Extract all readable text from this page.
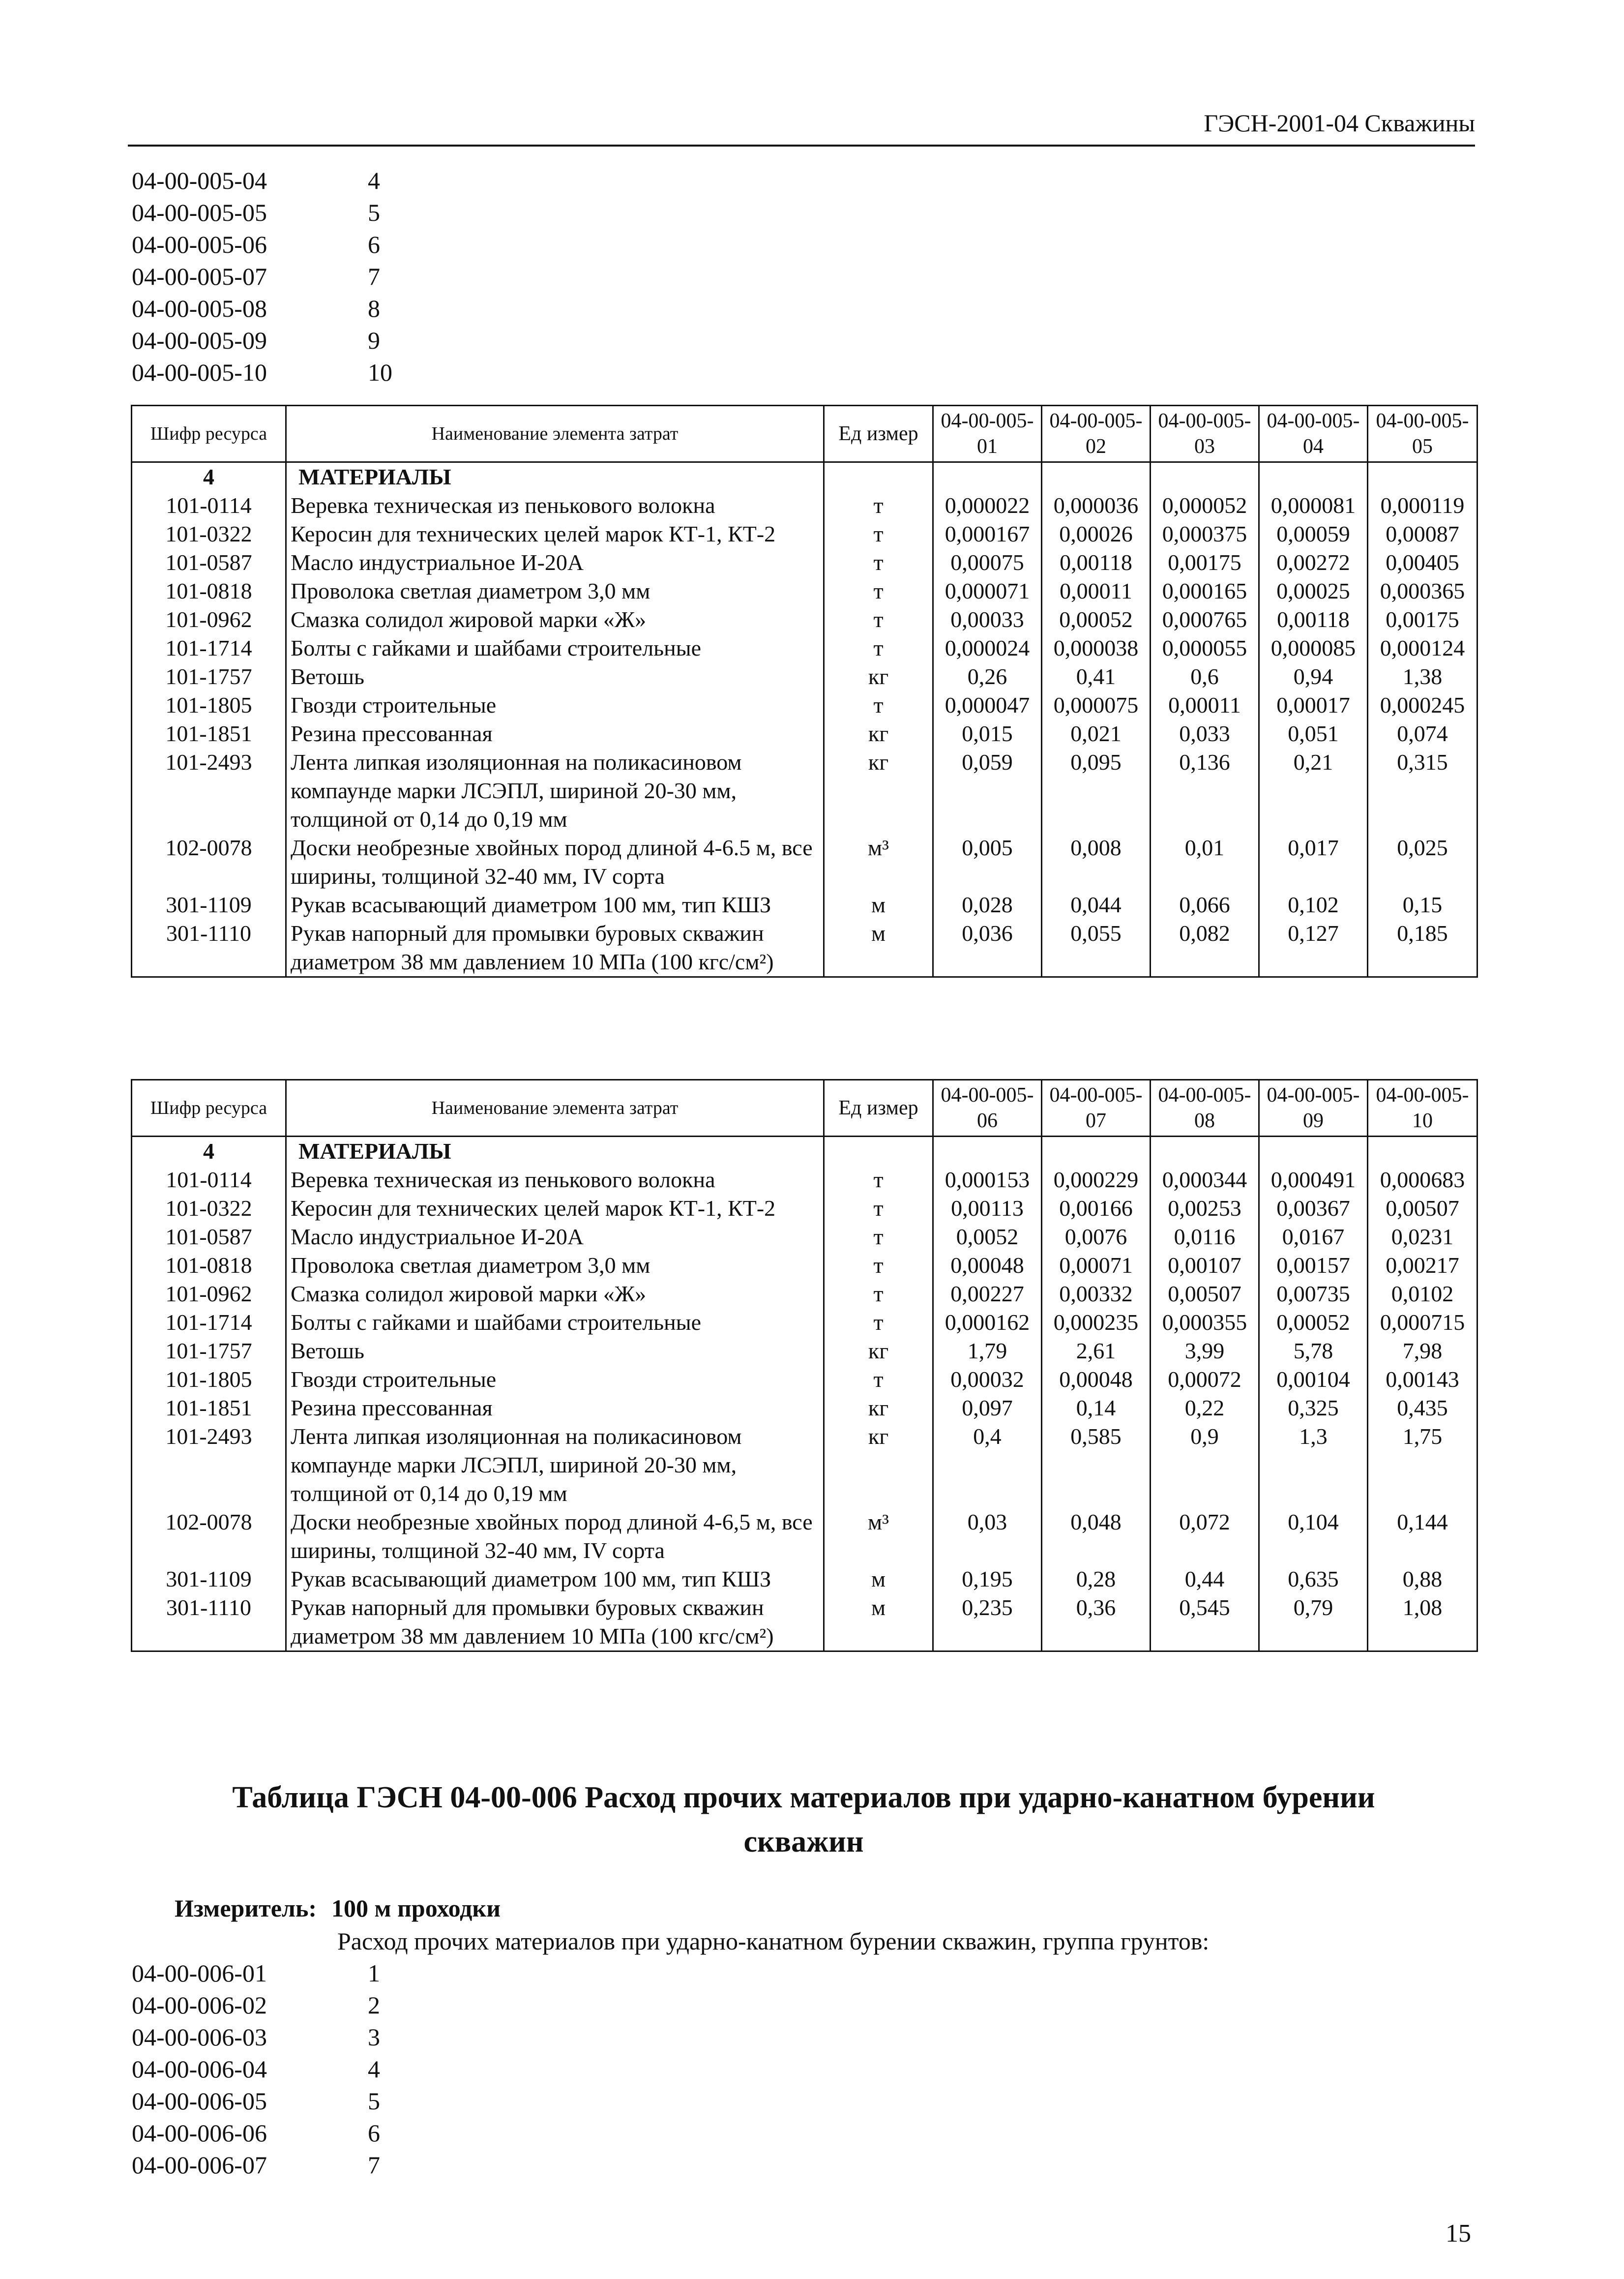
ГЭСН-2001-04 Скважины
04-00-005-04	4
04-00-005-05	5
04-00-005-06	6
04-00-005-07	7
04-00-005-08	8
04-00-005-09	9
04-00-005-10	10
Шифр ресурса	Наименование элемента затрат	Ед измер	04-00-005-01	04-00-005-02	04-00-005-03	04-00-005-04	04-00-005-05
4	МАТЕРИАЛЫ						
101-0114	Веревка техническая из пенькового волокна	т	0,000022	0,000036	0,000052	0,000081	0,000119
101-0322	Керосин для технических целей марок КТ-1, КТ-2	т	0,000167	0,00026	0,000375	0,00059	0,00087
101-0587	Масло индустриальное И-20А	т	0,00075	0,00118	0,00175	0,00272	0,00405
101-0818	Проволока светлая диаметром 3,0 мм	т	0,000071	0,00011	0,000165	0,00025	0,000365
101-0962	Смазка солидол жировой марки «Ж»	т	0,00033	0,00052	0,000765	0,00118	0,00175
101-1714	Болты с гайками и шайбами строительные	т	0,000024	0,000038	0,000055	0,000085	0,000124
101-1757	Ветошь	кг	0,26	0,41	0,6	0,94	1,38
101-1805	Гвозди строительные	т	0,000047	0,000075	0,00011	0,00017	0,000245
101-1851	Резина прессованная	кг	0,015	0,021	0,033	0,051	0,074
101-2493	Лента липкая изоляционная на поликасиновом компаунде марки ЛСЭПЛ, шириной 20-30 мм, толщиной от 0,14 до 0,19 мм	кг	0,059	0,095	0,136	0,21	0,315
102-0078	Доски необрезные хвойных пород длиной 4-6.5 м, все ширины, толщиной 32-40 мм, IV сорта	м³	0,005	0,008	0,01	0,017	0,025
301-1109	Рукав всасывающий диаметром 100 мм, тип КШЗ	м	0,028	0,044	0,066	0,102	0,15
301-1110	Рукав напорный для промывки буровых скважин диаметром 38 мм давлением 10 МПа (100 кгс/см²)	м	0,036	0,055	0,082	0,127	0,185
Шифр ресурса	Наименование элемента затрат	Ед измер	04-00-005-06	04-00-005-07	04-00-005-08	04-00-005-09	04-00-005-10
4	МАТЕРИАЛЫ						
101-0114	Веревка техническая из пенькового волокна	т	0,000153	0,000229	0,000344	0,000491	0,000683
101-0322	Керосин для технических целей марок КТ-1, КТ-2	т	0,00113	0,00166	0,00253	0,00367	0,00507
101-0587	Масло индустриальное И-20А	т	0,0052	0,0076	0,0116	0,0167	0,0231
101-0818	Проволока светлая диаметром 3,0 мм	т	0,00048	0,00071	0,00107	0,00157	0,00217
101-0962	Смазка солидол жировой марки «Ж»	т	0,00227	0,00332	0,00507	0,00735	0,0102
101-1714	Болты с гайками и шайбами строительные	т	0,000162	0,000235	0,000355	0,00052	0,000715
101-1757	Ветошь	кг	1,79	2,61	3,99	5,78	7,98
101-1805	Гвозди строительные	т	0,00032	0,00048	0,00072	0,00104	0,00143
101-1851	Резина прессованная	кг	0,097	0,14	0,22	0,325	0,435
101-2493	Лента липкая изоляционная на поликасиновом компаунде марки ЛСЭПЛ, шириной 20-30 мм, толщиной от 0,14 до 0,19 мм	кг	0,4	0,585	0,9	1,3	1,75
102-0078	Доски необрезные хвойных пород длиной 4-6,5 м, все ширины, толщиной 32-40 мм, IV сорта	м³	0,03	0,048	0,072	0,104	0,144
301-1109	Рукав всасывающий диаметром 100 мм, тип КШЗ	м	0,195	0,28	0,44	0,635	0,88
301-1110	Рукав напорный для промывки буровых скважин диаметром 38 мм давлением 10 МПа (100 кгс/см²)	м	0,235	0,36	0,545	0,79	1,08
Таблица ГЭСН 04-00-006 Расход прочих материалов при ударно-канатном бурении
скважин
Измеритель: 100 м проходки
Расход прочих материалов при ударно-канатном бурении скважин, группа грунтов:
04-00-006-01	1
04-00-006-02	2
04-00-006-03	3
04-00-006-04	4
04-00-006-05	5
04-00-006-06	6
04-00-006-07	7
15
